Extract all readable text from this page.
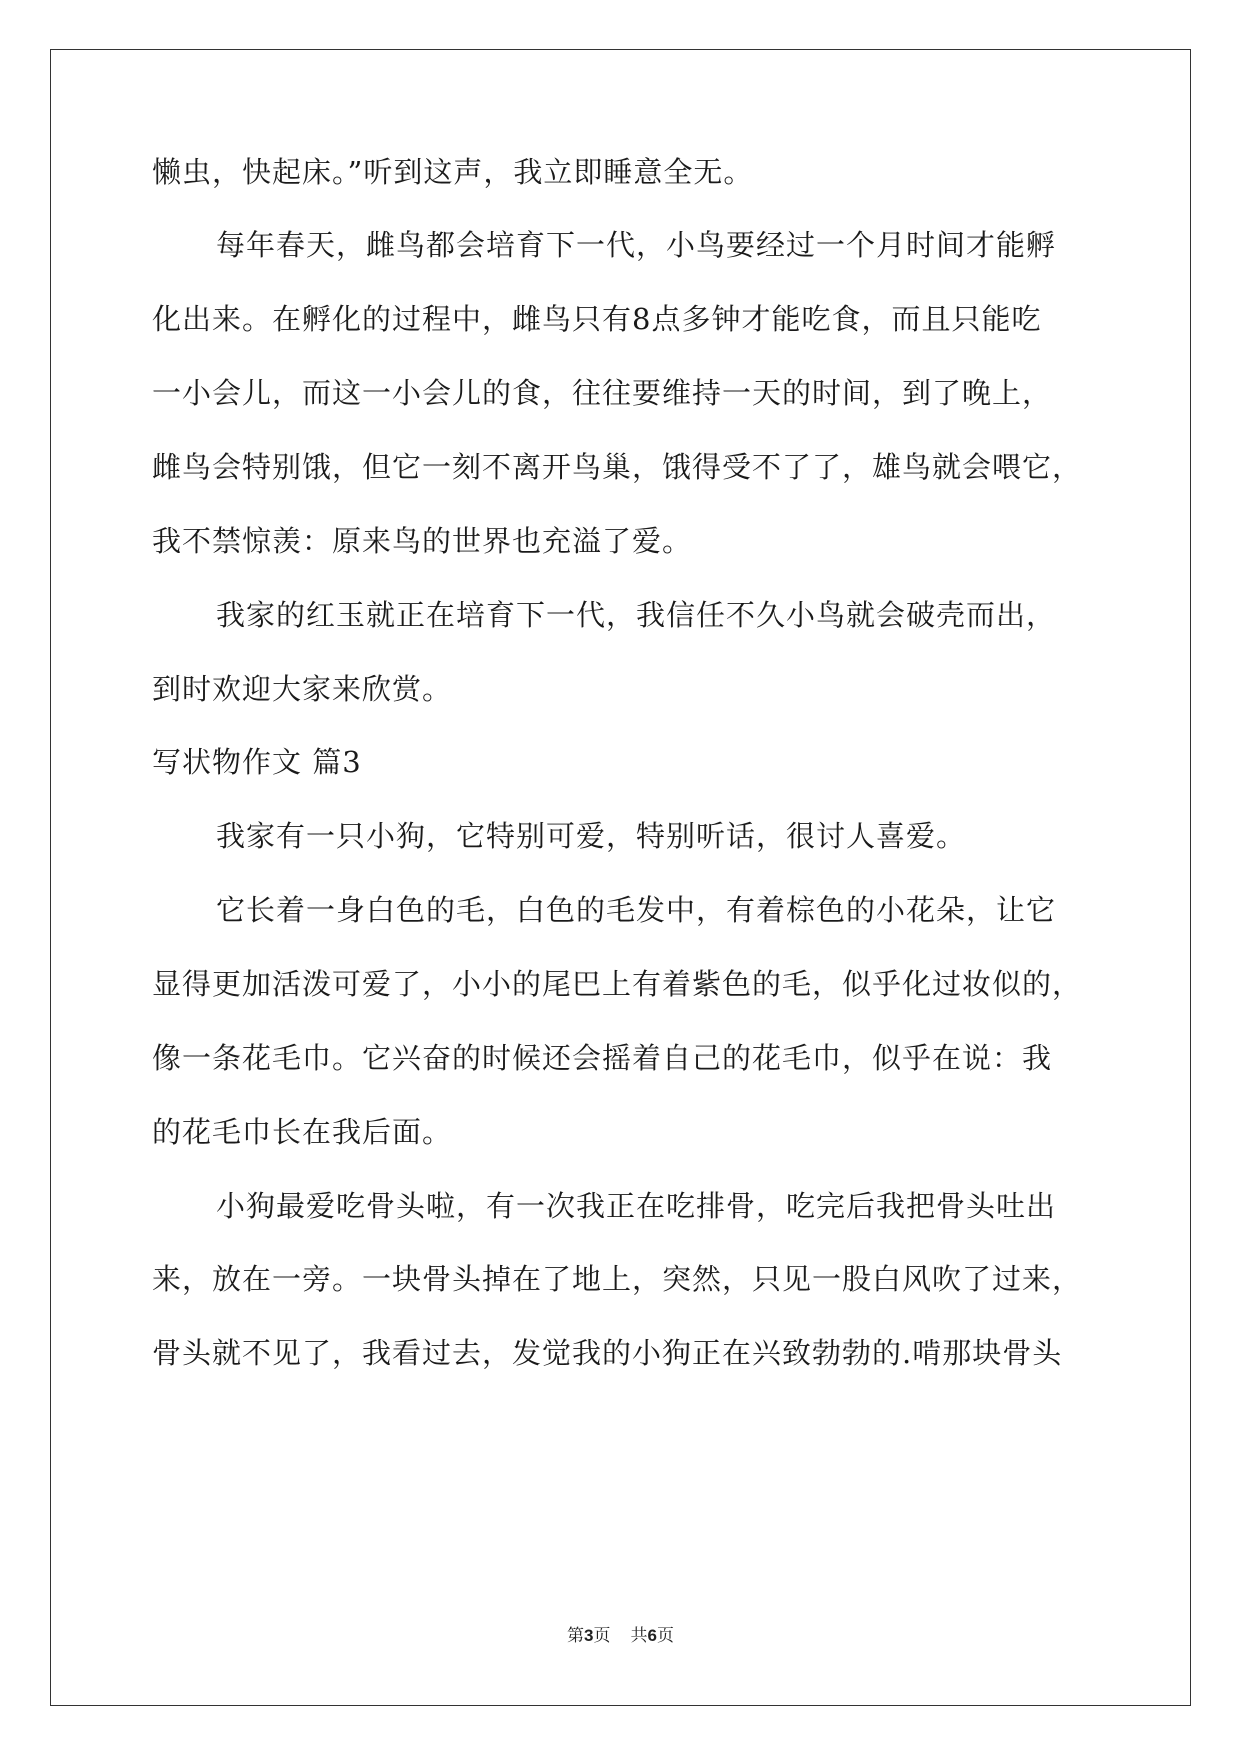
懒虫，快起床。”听到这声，我立即睡意全无。
每年春天，雌鸟都会培育下一代，小鸟要经过一个月时间才能孵
化出来。在孵化的过程中，雌鸟只有8点多钟才能吃食，而且只能吃
一小会儿，而这一小会儿的食，往往要维持一天的时间，到了晚上，
雌鸟会特别饿，但它一刻不离开鸟巢，饿得受不了了，雄鸟就会喂它，
我不禁惊羡：原来鸟的世界也充溢了爱。
我家的红玉就正在培育下一代，我信任不久小鸟就会破壳而出，
到时欢迎大家来欣赏。
写状物作文 篇3
我家有一只小狗，它特别可爱，特别听话，很讨人喜爱。
它长着一身白色的毛，白色的毛发中，有着棕色的小花朵，让它
显得更加活泼可爱了，小小的尾巴上有着紫色的毛，似乎化过妆似的，
像一条花毛巾。它兴奋的时候还会摇着自己的花毛巾，似乎在说：我
的花毛巾长在我后面。
小狗最爱吃骨头啦，有一次我正在吃排骨，吃完后我把骨头吐出
来，放在一旁。一块骨头掉在了地上，突然，只见一股白风吹了过来，
骨头就不见了，我看过去，发觉我的小狗正在兴致勃勃的.啃那块骨头
第3页 共6页
